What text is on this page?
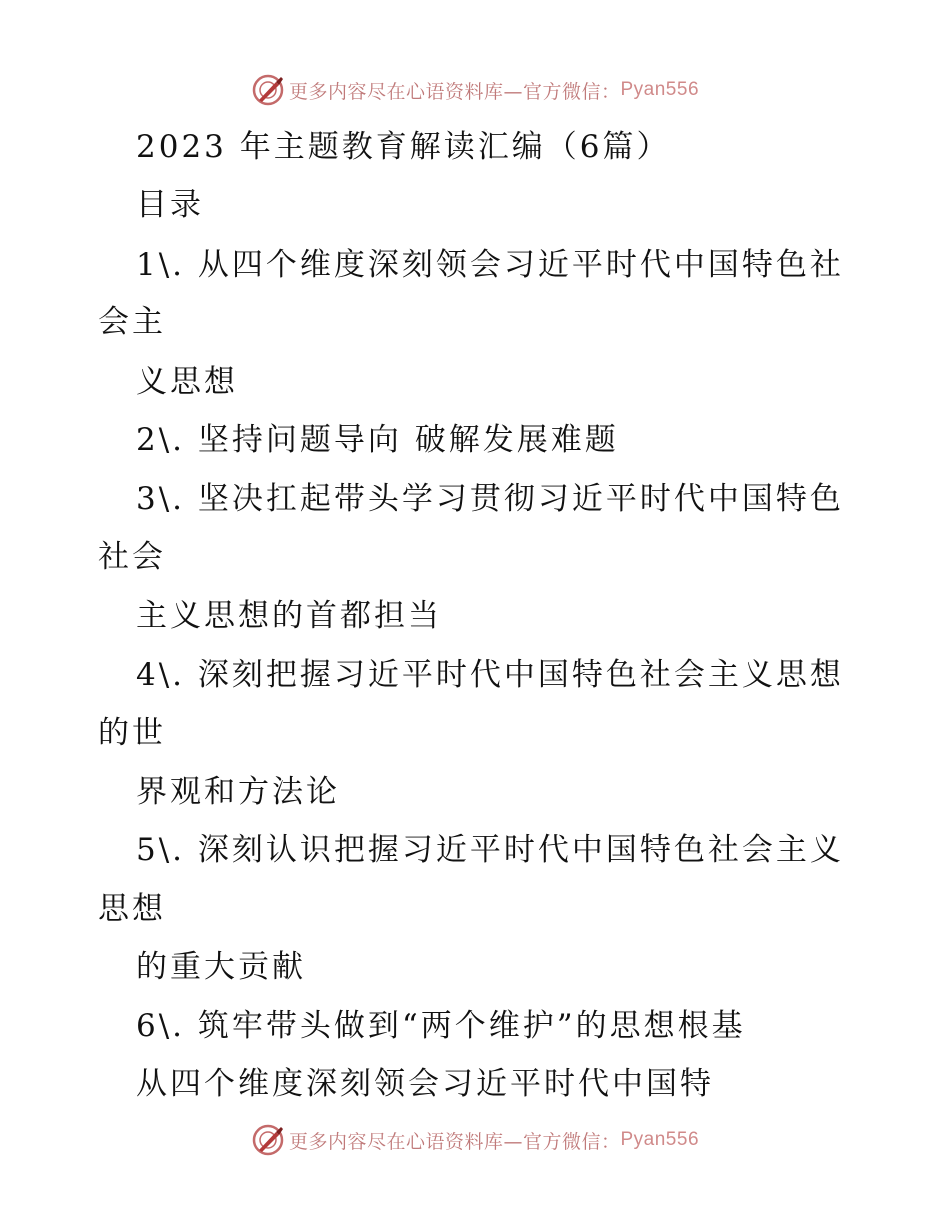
更多内容尽在心语资料库—官方微信： Pyan556
2023 年主题教育解读汇编（6篇）
目录
1\. 从四个维度深刻领会习近平时代中国特色社
会主
义思想
2\. 坚持问题导向 破解发展难题
3\. 坚决扛起带头学习贯彻习近平时代中国特色
社会
主义思想的首都担当
4\. 深刻把握习近平时代中国特色社会主义思想
的世
界观和方法论
5\. 深刻认识把握习近平时代中国特色社会主义
思想
的重大贡献
6\. 筑牢带头做到“两个维护”的思想根基
从四个维度深刻领会习近平时代中国特
更多内容尽在心语资料库—官方微信： Pyan556
